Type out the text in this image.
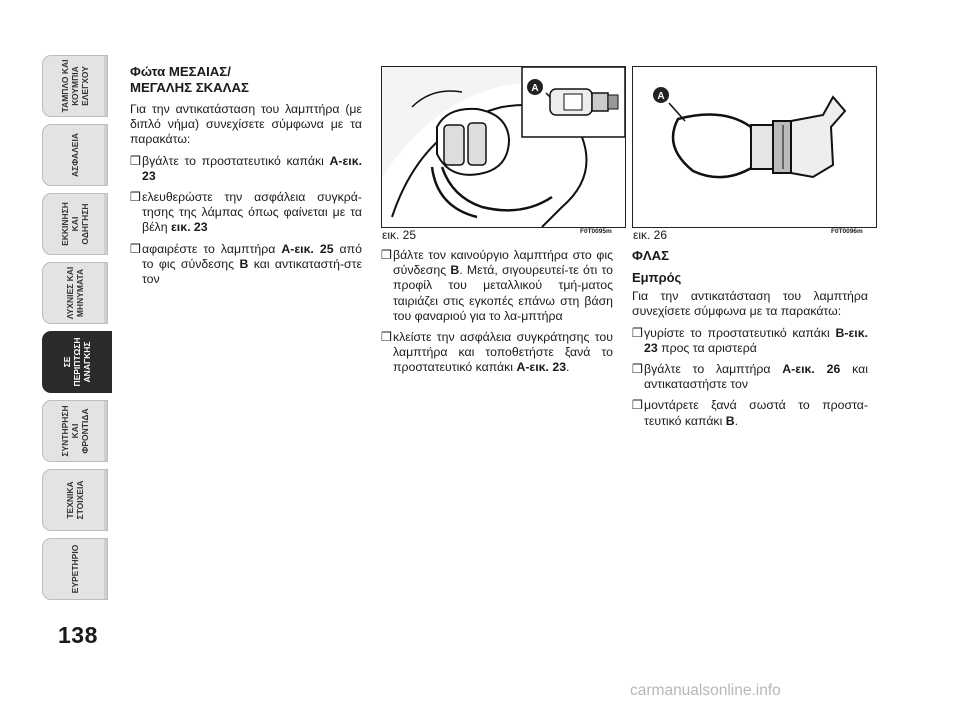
ΤΑΜΠΛΟ ΚΑΙ ΚΟΥΜΠΙΑ ΕΛΕΓΧΟΥ
ΑΣΦΑΛΕΙΑ
ΕΚΚΙΝΗΣΗ ΚΑΙ ΟΔΗΓΗΣΗ
ΛΥΧΝΙΕΣ ΚΑΙ ΜΗΝΥΜΑΤΑ
ΣΕ ΠΕΡΙΠΤΩΣΗ ΑΝΑΓΚΗΣ
ΣΥΝΤΗΡΗΣΗ ΚΑΙ ΦΡΟΝΤΙΔΑ
ΤΕΧΝΙΚΑ ΣΤΟΙΧΕΙΑ
ΕΥΡΕΤΗΡΙΟ
138
Φώτα ΜΕΣΑΙΑΣ/
ΜΕΓΑΛΗΣ ΣΚΑΛΑΣ

Για την αντικατάσταση του λαμπτήρα (με διπλό νήμα) συνεχίσετε σύμφωνα με τα παρακάτω:

❒ βγάλτε το προστατευτικό καπάκι Α-εικ. 23
❒ ελευθερώστε την ασφάλεια συγκρά-τησης της λάμπας όπως φαίνεται με τα βέλη εικ. 23
❒ αφαιρέστε το λαμπτήρα Α-εικ. 25 από το φις σύνδεσης B και αντικαταστή-στε τον
A
εικ. 25	F0T0095m
A
εικ. 26	F0T0096m
❒ βάλτε τον καινούργιο λαμπτήρα στο φις σύνδεσης B. Μετά, σιγουρευτεί-τε ότι το προφίλ του μεταλλικού τμή-ματος ταιριάζει στις εγκοπές επάνω στη βάση του φαναριού για το λα-μπτήρα
❒ κλείστε την ασφάλεια συγκράτησης του λαμπτήρα και τοποθετήστε ξανά το προστατευτικό καπάκι Α-εικ. 23.
ΦΛΑΣ
Εμπρός

Για την αντικατάσταση του λαμπτήρα συνεχίσετε σύμφωνα με τα παρακάτω:

❒ γυρίστε το προστατευτικό καπάκι B-εικ. 23 προς τα αριστερά
❒ βγάλτε το λαμπτήρα Α-εικ. 26 και αντικαταστήστε τον
❒ μοντάρετε ξανά σωστά το προστα-τευτικό καπάκι B.
carmanualsonline.info
